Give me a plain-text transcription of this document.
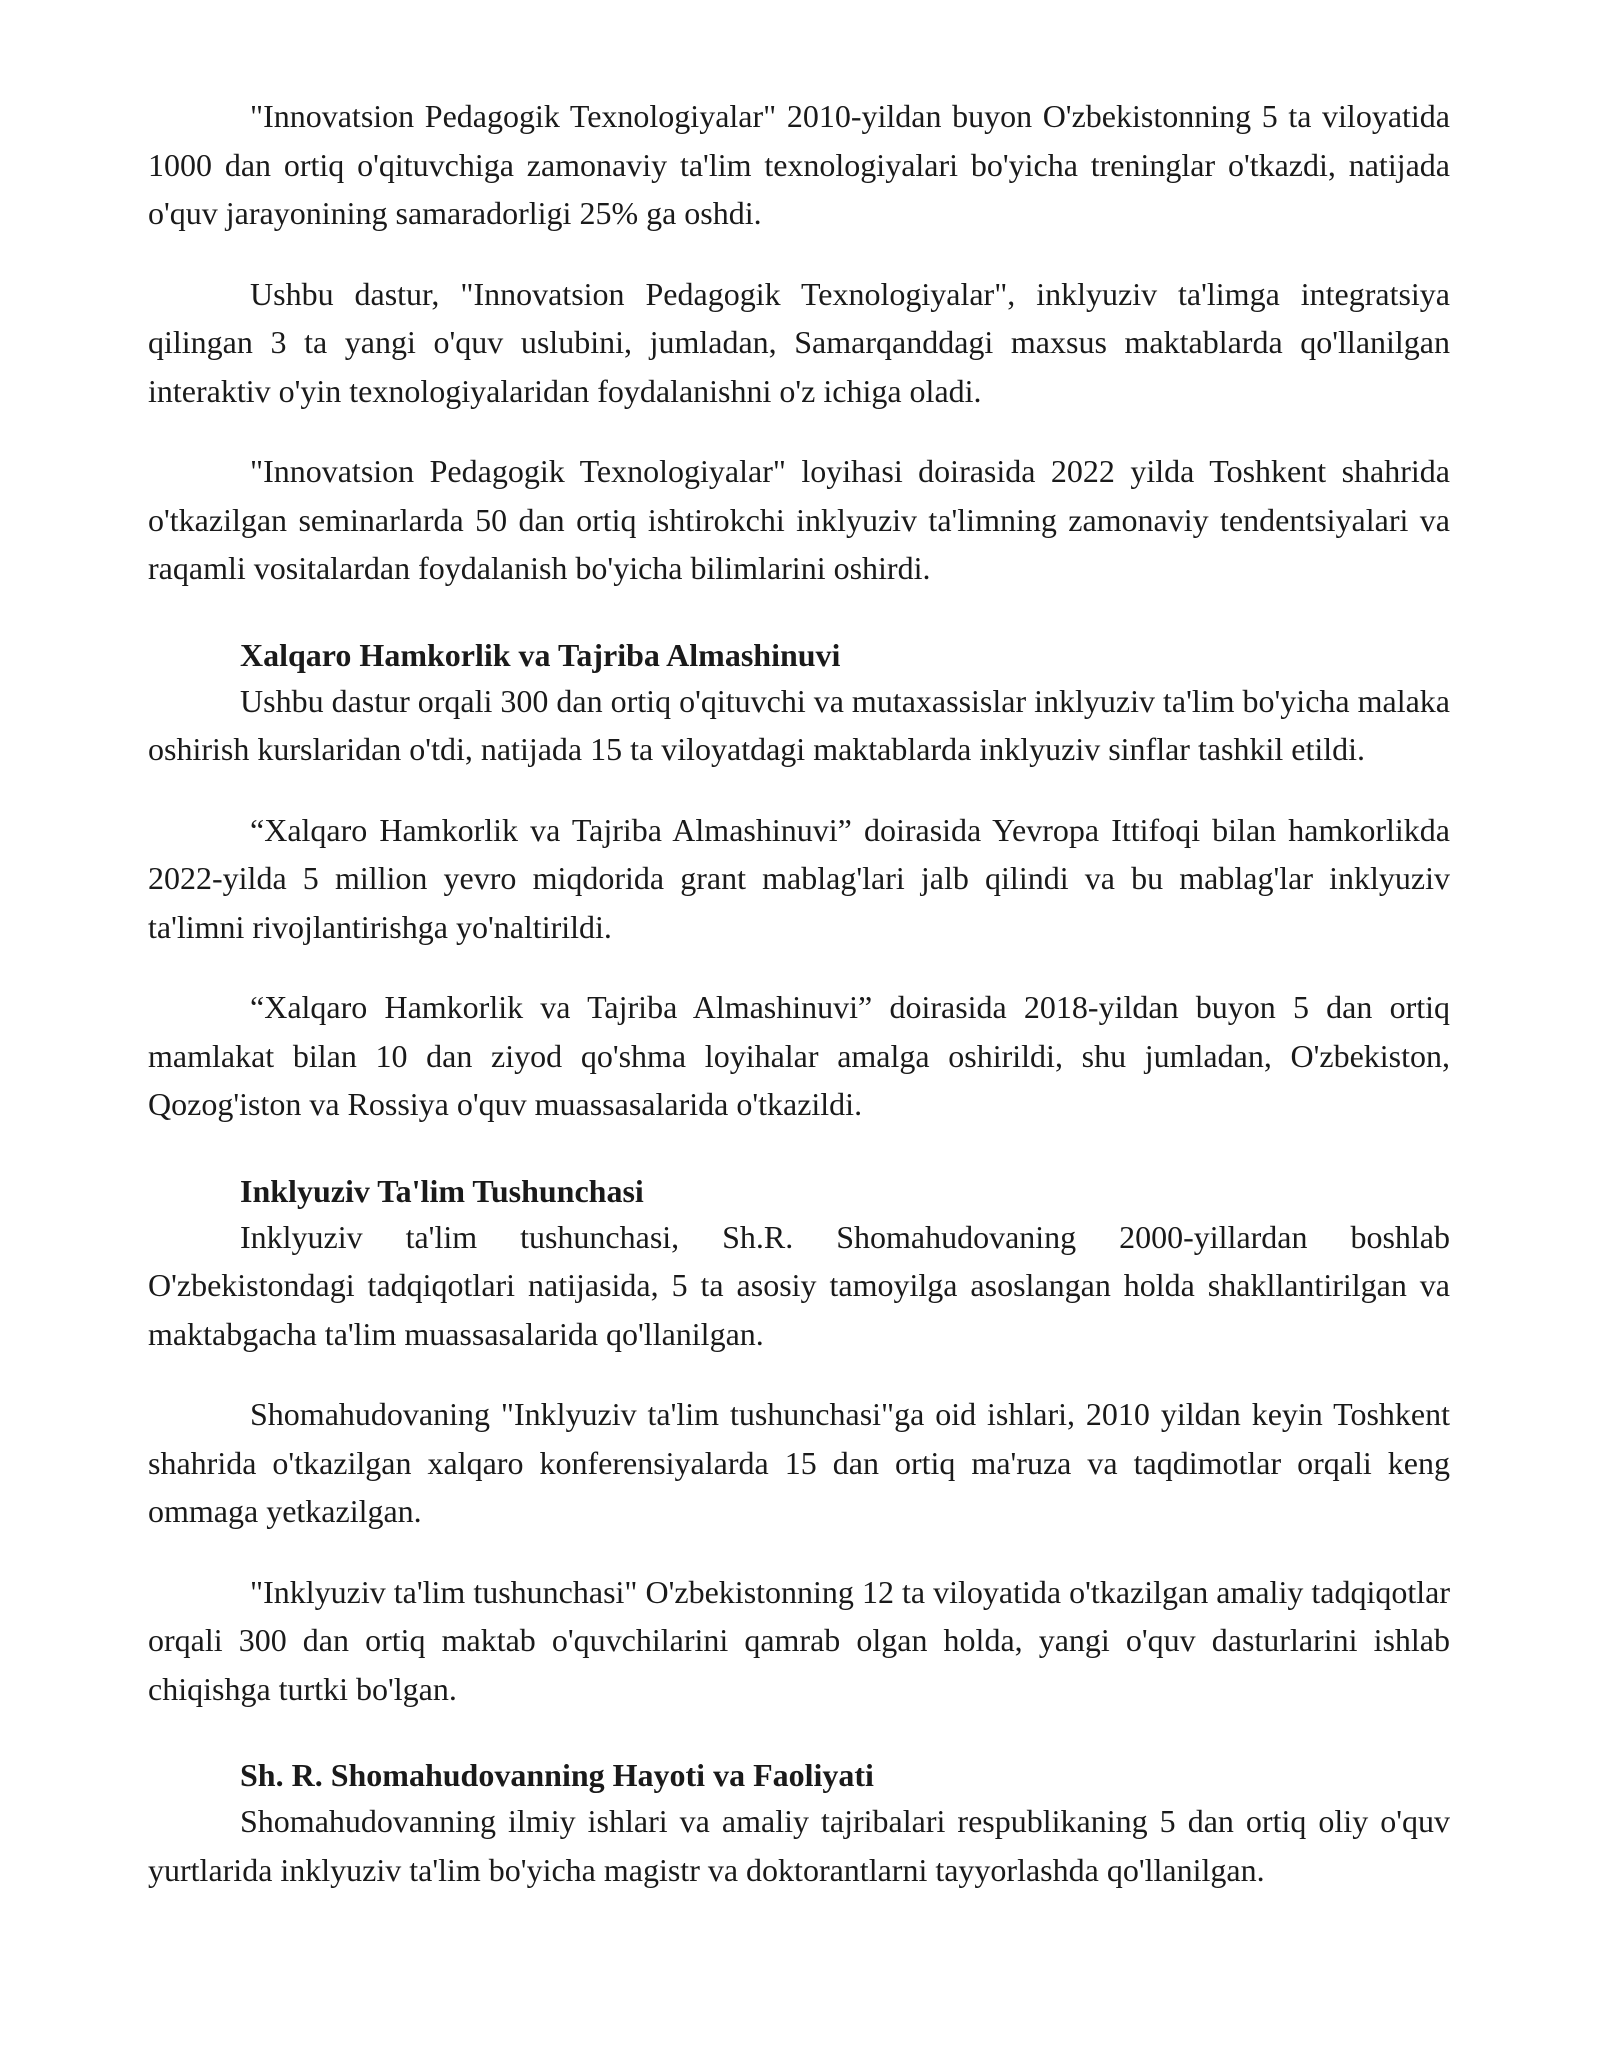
"Innovatsion Pedagogik Texnologiyalar" 2010-yildan buyon O'zbekistonning 5 ta viloyatida 1000 dan ortiq o'qituvchiga zamonaviy ta'lim texnologiyalari bo'yicha treninglar o'tkazdi, natijada o'quv jarayonining samaradorligi 25% ga oshdi.

Ushbu dastur, "Innovatsion Pedagogik Texnologiyalar", inklyuziv ta'limga integratsiya qilingan 3 ta yangi o'quv uslubini, jumladan, Samarqanddagi maxsus maktablarda qo'llanilgan interaktiv o'yin texnologiyalaridan foydalanishni o'z ichiga oladi.

"Innovatsion Pedagogik Texnologiyalar" loyihasi doirasida 2022 yilda Toshkent shahrida o'tkazilgan seminarlarda 50 dan ortiq ishtirokchi inklyuziv ta'limning zamonaviy tendentsiyalari va raqamli vositalardan foydalanish bo'yicha bilimlarini oshirdi.

Xalqaro Hamkorlik va Tajriba Almashinuvi

Ushbu dastur orqali 300 dan ortiq o'qituvchi va mutaxassislar inklyuziv ta'lim bo'yicha malaka oshirish kurslaridan o'tdi, natijada 15 ta viloyatdagi maktablarda inklyuziv sinflar tashkil etildi.

“Xalqaro Hamkorlik va Tajriba Almashinuvi” doirasida Yevropa Ittifoqi bilan hamkorlikda 2022-yilda 5 million yevro miqdorida grant mablag'lari jalb qilindi va bu mablag'lar inklyuziv ta'limni rivojlantirishga yo'naltirildi.

“Xalqaro Hamkorlik va Tajriba Almashinuvi” doirasida 2018-yildan buyon 5 dan ortiq mamlakat bilan 10 dan ziyod qo'shma loyihalar amalga oshirildi, shu jumladan, O'zbekiston, Qozog'iston va Rossiya o'quv muassasalarida o'tkazildi.

Inklyuziv Ta'lim Tushunchasi

Inklyuziv ta'lim tushunchasi, Sh.R. Shomahudovaning 2000-yillardan boshlab O'zbekistondagi tadqiqotlari natijasida, 5 ta asosiy tamoyilga asoslangan holda shakllantirilgan va maktabgacha ta'lim muassasalarida qo'llanilgan.

Shomahudovaning "Inklyuziv ta'lim tushunchasi"ga oid ishlari, 2010 yildan keyin Toshkent shahrida o'tkazilgan xalqaro konferensiyalarda 15 dan ortiq ma'ruza va taqdimotlar orqali keng ommaga yetkazilgan.

"Inklyuziv ta'lim tushunchasi" O'zbekistonning 12 ta viloyatida o'tkazilgan amaliy tadqiqotlar orqali 300 dan ortiq maktab o'quvchilarini qamrab olgan holda, yangi o'quv dasturlarini ishlab chiqishga turtki bo'lgan.

Sh. R. Shomahudovanning Hayoti va Faoliyati

Shomahudovanning ilmiy ishlari va amaliy tajribalari respublikaning 5 dan ortiq oliy o'quv yurtlarida inklyuziv ta'lim bo'yicha magistr va doktorantlarni tayyorlashda qo'llanilgan.
